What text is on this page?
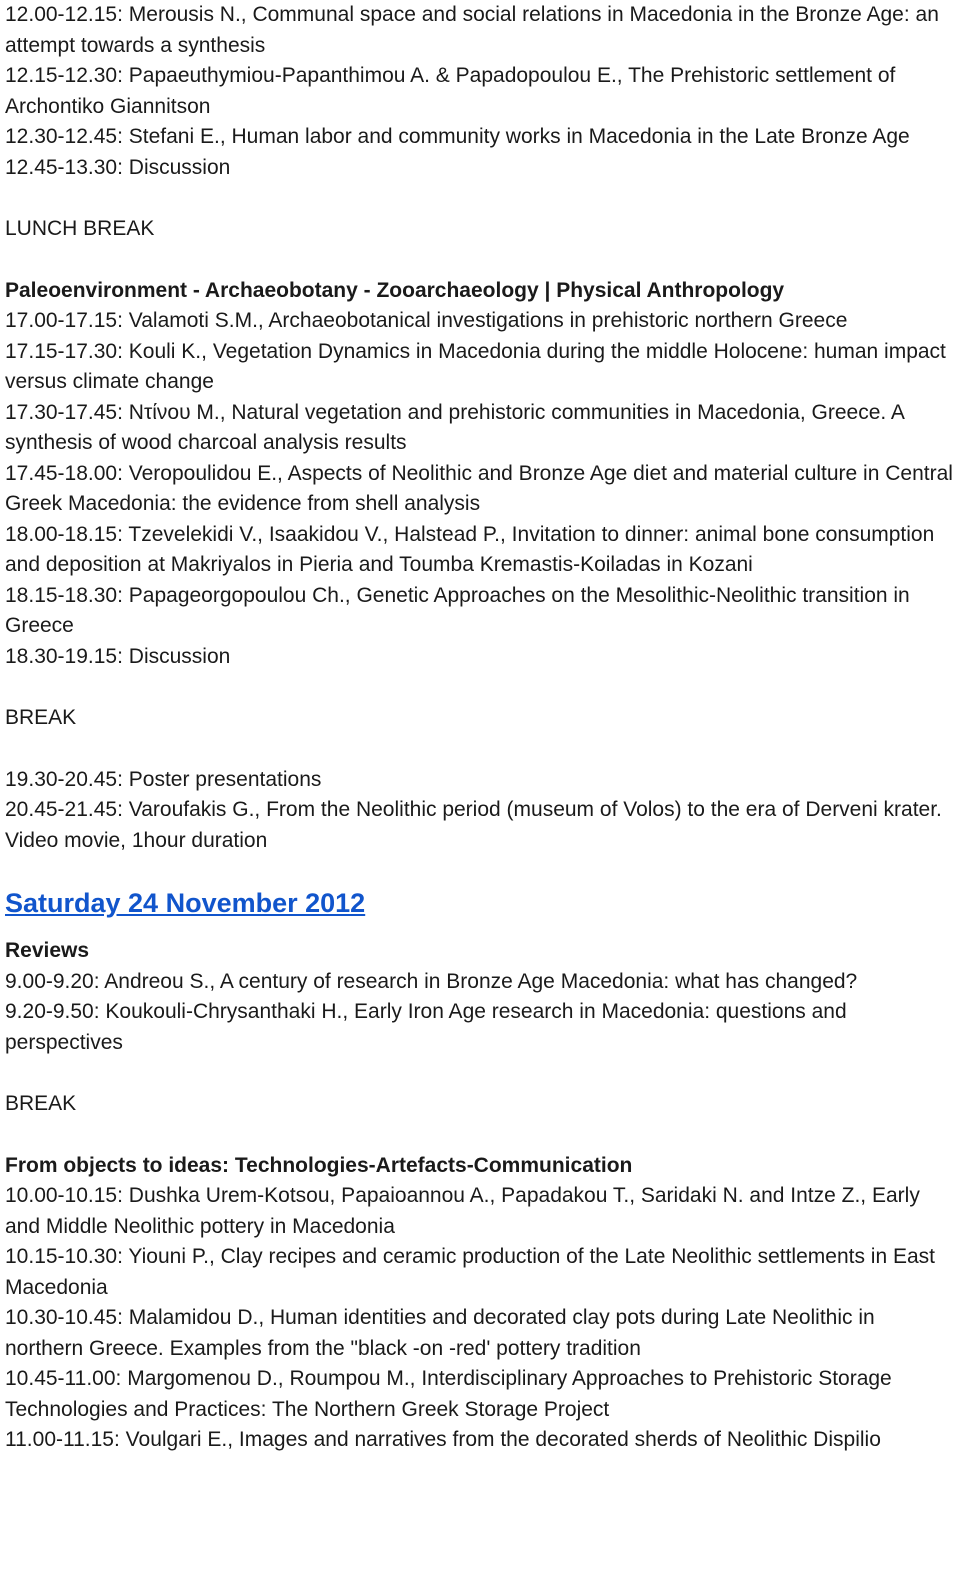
12.00-12.15: Merousis N., Communal space and social relations in Macedonia in the Bronze Age: an attempt towards a synthesis

12.15-12.30: Papaeuthymiou-Papanthimou A. & Papadopoulou E., The Prehistoric settlement of Archontiko Giannitson

12.30-12.45: Stefani E., Human labor and community works in Macedonia in the Late Bronze Age

12.45-13.30: Discussion

LUNCH BREAK

Paleoenvironment - Archaeobotany - Zooarchaeology | Physical Anthropology

17.00-17.15: Valamoti S.M., Archaeobotanical investigations in prehistoric northern Greece

17.15-17.30: Kouli K., Vegetation Dynamics in Macedonia during the middle Holocene: human impact versus climate change

17.30-17.45: Ντίνου M., Natural vegetation and prehistoric communities in Macedonia, Greece. A synthesis of wood charcoal analysis results

17.45-18.00: Veropoulidou E., Aspects of Neolithic and Bronze Age diet and material culture in Central Greek Macedonia: the evidence from shell analysis

18.00-18.15: Tzevelekidi V., Isaakidou V., Halstead P., Invitation to dinner: animal bone consumption and deposition at Makriyalos in Pieria and Toumba Kremastis-Koiladas in Kozani

18.15-18.30: Papageorgopoulou Ch., Genetic Approaches on the Mesolithic-Neolithic transition in Greece

18.30-19.15: Discussion

BREAK

19.30-20.45: Poster presentations

20.45-21.45: Varoufakis G., From the Neolithic period (museum of Volos) to the era of Derveni krater. Video movie, 1hour duration

Saturday 24 November 2012

Reviews

9.00-9.20: Andreou S., A century of research in Bronze Age Macedonia: what has changed?

9.20-9.50: Koukouli-Chrysanthaki H., Early Iron Age research in Macedonia: questions and perspectives

BREAK

From objects to ideas: Technologies-Artefacts-Communication

10.00-10.15: Dushka Urem-Kotsou, Papaioannou A., Papadakou T., Saridaki N. and Intze Z., Early and Middle Neolithic pottery in Macedonia

10.15-10.30: Yiouni P., Clay recipes and ceramic production of the Late Neolithic settlements in East Macedonia

10.30-10.45: Malamidou D., Human identities and decorated clay pots during Late Neolithic in northern Greece. Examples from the "black -on -red' pottery tradition

10.45-11.00: Margomenou D., Roumpou M., Interdisciplinary Approaches to Prehistoric Storage Technologies and Practices: The Northern Greek Storage Project

11.00-11.15: Voulgari E., Images and narratives from the decorated sherds of Neolithic Dispilio
